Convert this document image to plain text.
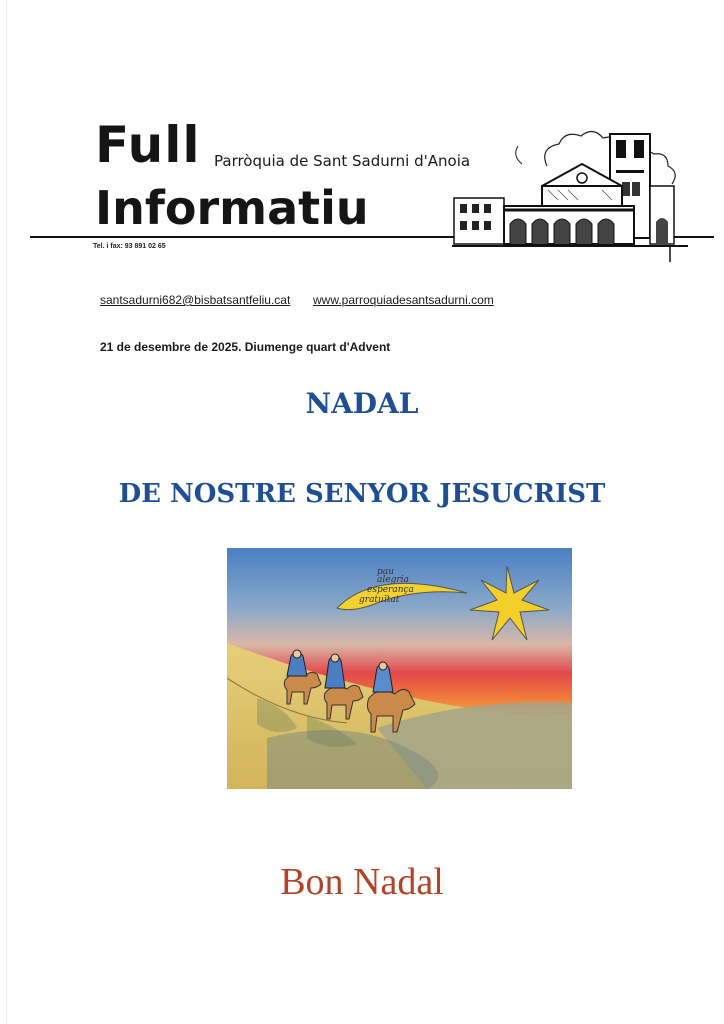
Full Parròquia de Sant Sadurni d'Anoia
Informatiu
Tel. i fax: 93 891 02 65
santsadurni682@bisbatsantfeliu.cat www.parroquiadesantsadurni.com
21 de desembre de 2025. Diumenge quart d'Advent
NADAL
DE NOSTRE SENYOR JESUCRIST
pau
alegria
esperança
gratuïtat
Bon Nadal
